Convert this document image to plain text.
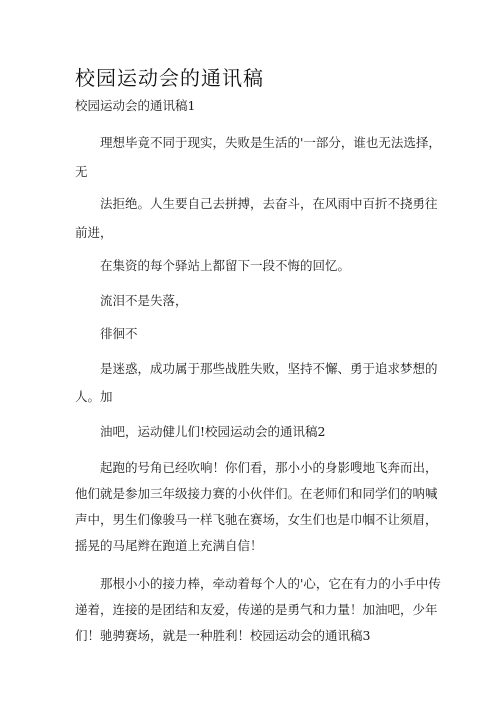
校园运动会的通讯稿
校园运动会的通讯稿1
理想毕竟不同于现实，失败是生活的'一部分，谁也无法选择，
无
法拒绝。人生要自己去拼搏，去奋斗，在风雨中百折不挠勇往
前进，
在集资的每个驿站上都留下一段不悔的回忆。
流泪不是失落，
徘徊不
是迷惑，成功属于那些战胜失败，坚持不懈、勇于追求梦想的
人。加
油吧，运动健儿们!校园运动会的通讯稿2
起跑的号角已经吹响！你们看，那小小的身影嗖地飞奔而出，
他们就是参加三年级接力赛的小伙伴们。在老师们和同学们的呐喊
声中，男生们像骏马一样飞驰在赛场，女生们也是巾帼不让须眉，
摇晃的马尾辫在跑道上充满自信！
那根小小的接力棒，牵动着每个人的'心，它在有力的小手中传
递着，连接的是团结和友爱，传递的是勇气和力量！加油吧，少年
们！驰骋赛场，就是一种胜利！校园运动会的通讯稿3
